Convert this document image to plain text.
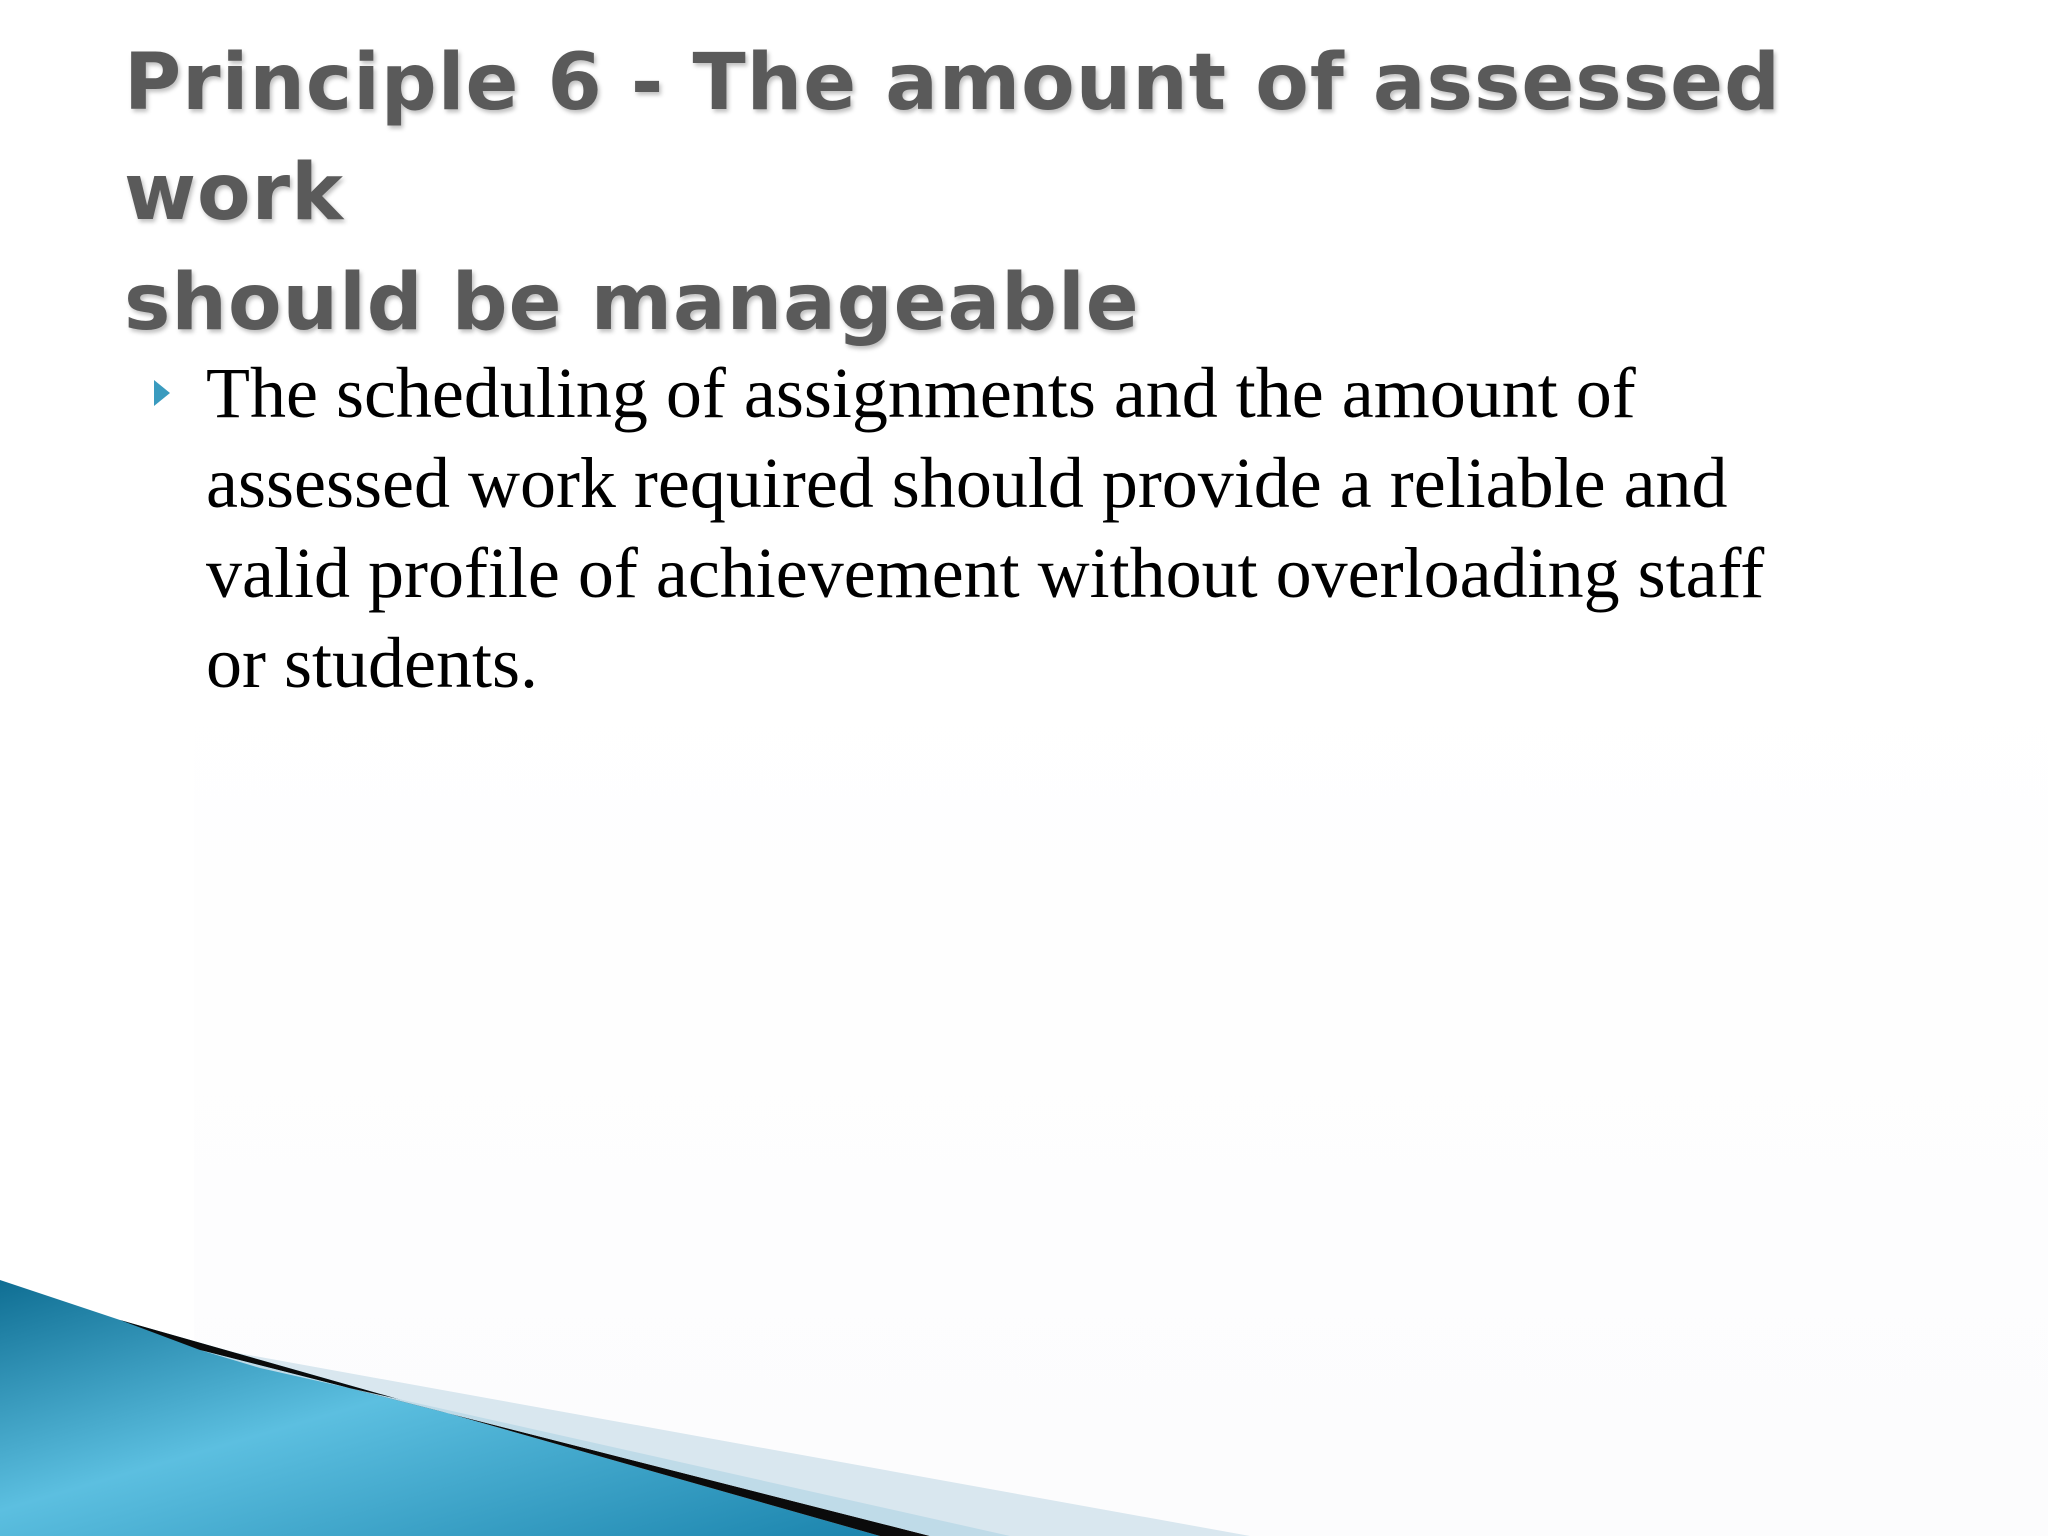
Principle 6 - The amount of assessed work
should be manageable

The scheduling of assignments and the amount of
assessed work required should provide a reliable and
valid profile of achievement without overloading staff
or students.
